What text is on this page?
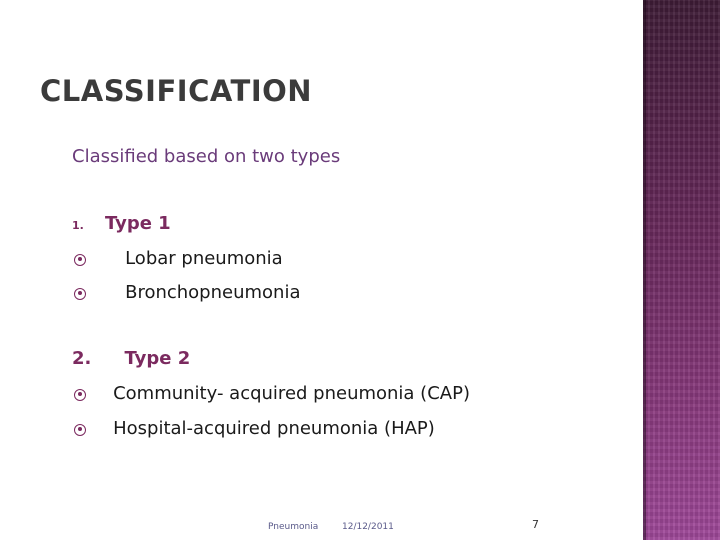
CLASSIFICATION
Classified based on two types
1. Type 1
Lobar pneumonia
Bronchopneumonia
2. Type 2
Community- acquired pneumonia (CAP)
Hospital-acquired pneumonia (HAP)
Pneumonia	12/12/2011	7
